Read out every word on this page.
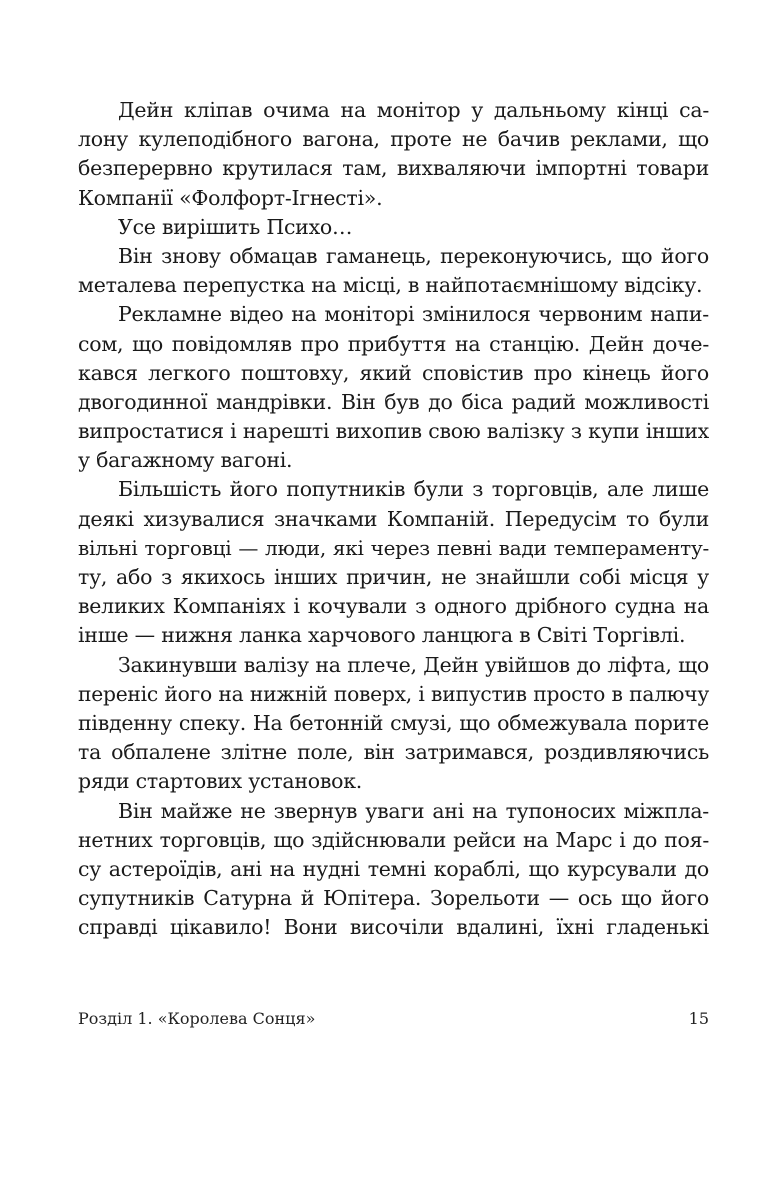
Дейн кліпав очима на монітор у дальньому кінці са-
лону кулеподібного вагона, проте не бачив реклами, що
безперервно крутилася там, вихваляючи імпортні товари
Компанії «Фолфорт-Ігнесті».
Усе вирішить Психо…
Він знову обмацав гаманець, переконуючись, що його
металева перепустка на місці, в найпотаємнішому відсіку.
Рекламне відео на моніторі змінилося червоним напи-
сом, що повідомляв про прибуття на станцію. Дейн доче-
кався легкого поштовху, який сповістив про кінець його
двогодинної мандрівки. Він був до біса радий можливості
випростатися і нарешті вихопив свою валізку з купи інших
у багажному вагоні.
Більшість його попутників були з торговців, але лише
деякі хизувалися значками Компаній. Передусім то були
вільні торговці — люди, які через певні вади темпераменту-
ту, або з якихось інших причин, не знайшли собі місця у
великих Компаніях і кочували з одного дрібного судна на
інше — нижня ланка харчового ланцюга в Світі Торгівлі.
Закинувши валізу на плече, Дейн увійшов до ліфта, що
переніс його на нижній поверх, і випустив просто в палючу
південну спеку. На бетонній смузі, що обмежувала порите
та обпалене злітне поле, він затримався, роздивляючись
ряди стартових установок.
Він майже не звернув уваги ані на тупоносих міжпла-
нетних торговців, що здійснювали рейси на Марс і до поя-
су астероїдів, ані на нудні темні кораблі, що курсували до
супутників Сатурна й Юпітера. Зорельоти — ось що його
справді цікавило! Вони височіли вдалині, їхні гладенькі
Розділ 1. «Королева Сонця»	15
